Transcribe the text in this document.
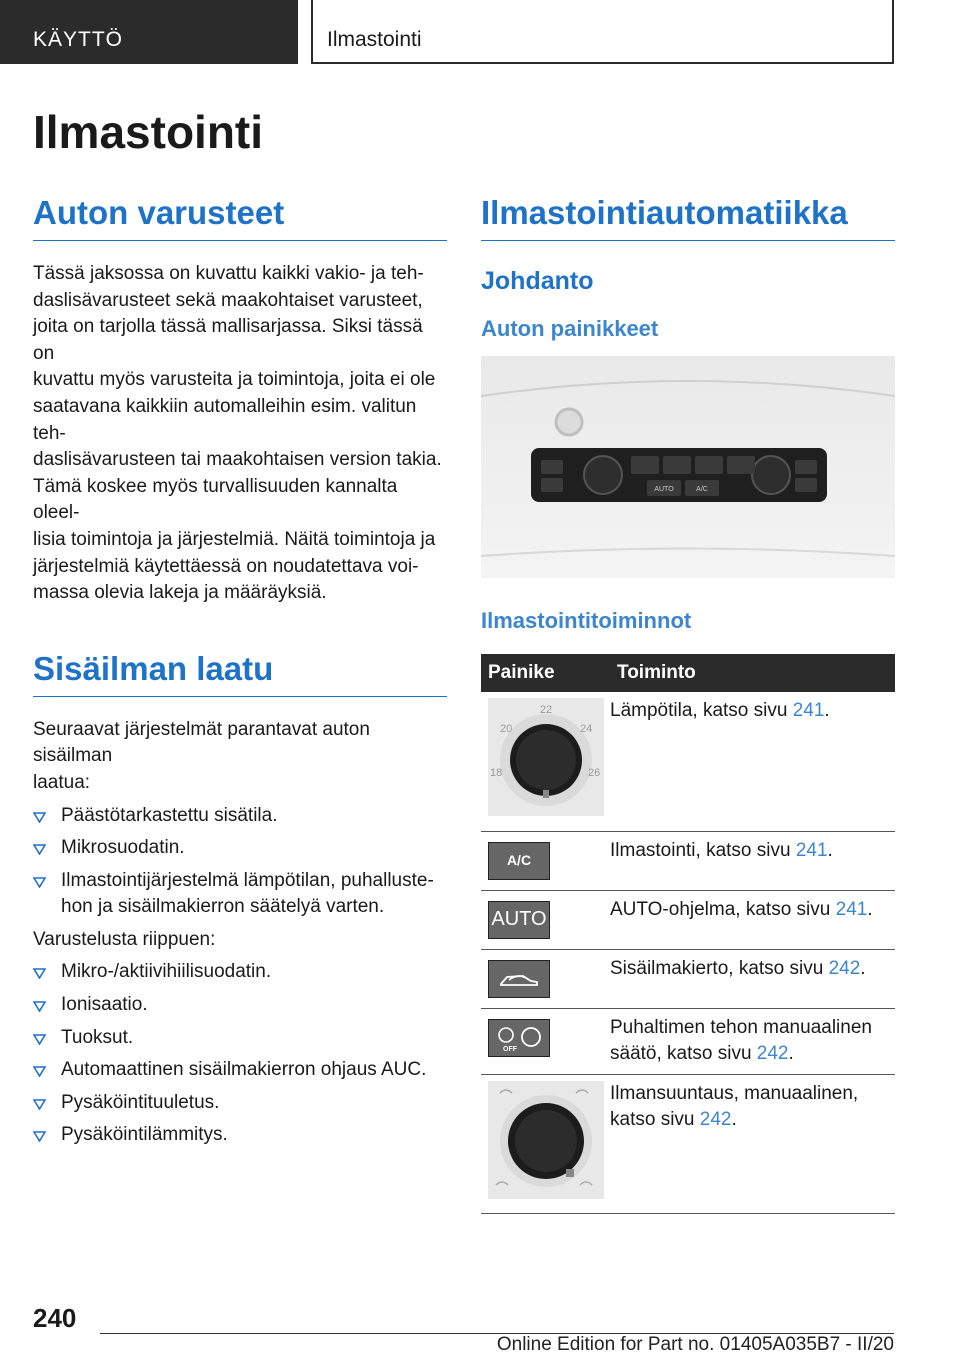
KÄYTTÖ	Ilmastointi
Ilmastointi
Auton varusteet

Tässä jaksossa on kuvattu kaikki vakio- ja teh-
daslisävarusteet sekä maakohtaiset varusteet,
joita on tarjolla tässä mallisarjassa. Siksi tässä on
kuvattu myös varusteita ja toimintoja, joita ei ole
saatavana kaikkiin automalleihin esim. valitun teh-
daslisävarusteen tai maakohtaisen version takia.
Tämä koskee myös turvallisuuden kannalta oleel-
lisia toimintoja ja järjestelmiä. Näitä toimintoja ja
järjestelmiä käytettäessä on noudatettava voi-
massa olevia lakeja ja määräyksiä.

Sisäilman laatu

Seuraavat järjestelmät parantavat auton sisäilman
laatua:

Päästötarkastettu sisätila.
Mikrosuodatin.
Ilmastointijärjestelmä lämpötilan, puhalluste-
hon ja sisäilmakierron säätelyä varten.

Varustelusta riippuen:

Mikro-/aktiivihiilisuodatin.
Ionisaatio.
Tuoksut.
Automaattinen sisäilmakierron ohjaus AUC.
Pysäköintituuletus.
Pysäköintilämmitys.
Ilmastointiautomatiikka
Johdanto
Auton painikkeet
AUTO	A/C
Ilmastointitoiminnot
Painike	Toiminto

22
20 24
18 26	Lämpötila, katso sivu 241.

A/C	Ilmastointi, katso sivu 241.

AUTO	AUTO-ohjelma, katso sivu 241.

	Sisäilmakierto, katso sivu 242.

OFF	Puhaltimen tehon manuaalinen
säätö, katso sivu 242.
	Ilmansuuntaus, manuaalinen,
katso sivu 242.
240
Online Edition for Part no. 01405A035B7 - II/20
